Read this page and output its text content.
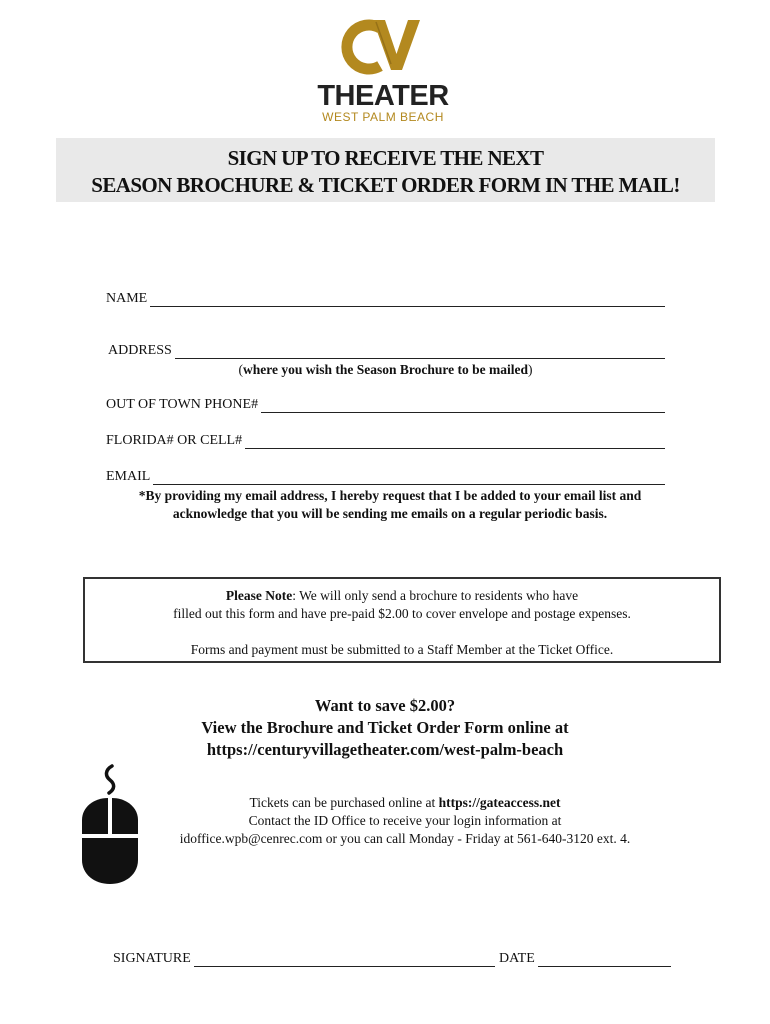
THEATER
WEST PALM BEACH
SIGN UP TO RECEIVE THE NEXT
SEASON BROCHURE & TICKET ORDER FORM IN THE MAIL!
NAME
ADDRESS
(where you wish the Season Brochure to be mailed)
OUT OF TOWN PHONE#
FLORIDA# OR CELL#
EMAIL
*By providing my email address, I hereby request that I be added to your email list and
acknowledge that you will be sending me emails on a regular periodic basis.

Please Note: We will only send a brochure to residents who have

filled out this form and have pre-paid $2.00 to cover envelope and postage expenses.

Forms and payment must be submitted to a Staff Member at the Ticket Office.

Want to save $2.00?
View the Brochure and Ticket Order Form online at
https://centuryvillagetheater.com/west-palm-beach
Tickets can be purchased online at https://gateaccess.net
Contact the ID Office to receive your login information at
idoffice.wpb@cenrec.com or you can call Monday - Friday at 561-640-3120 ext. 4.
SIGNATURE	DATE
